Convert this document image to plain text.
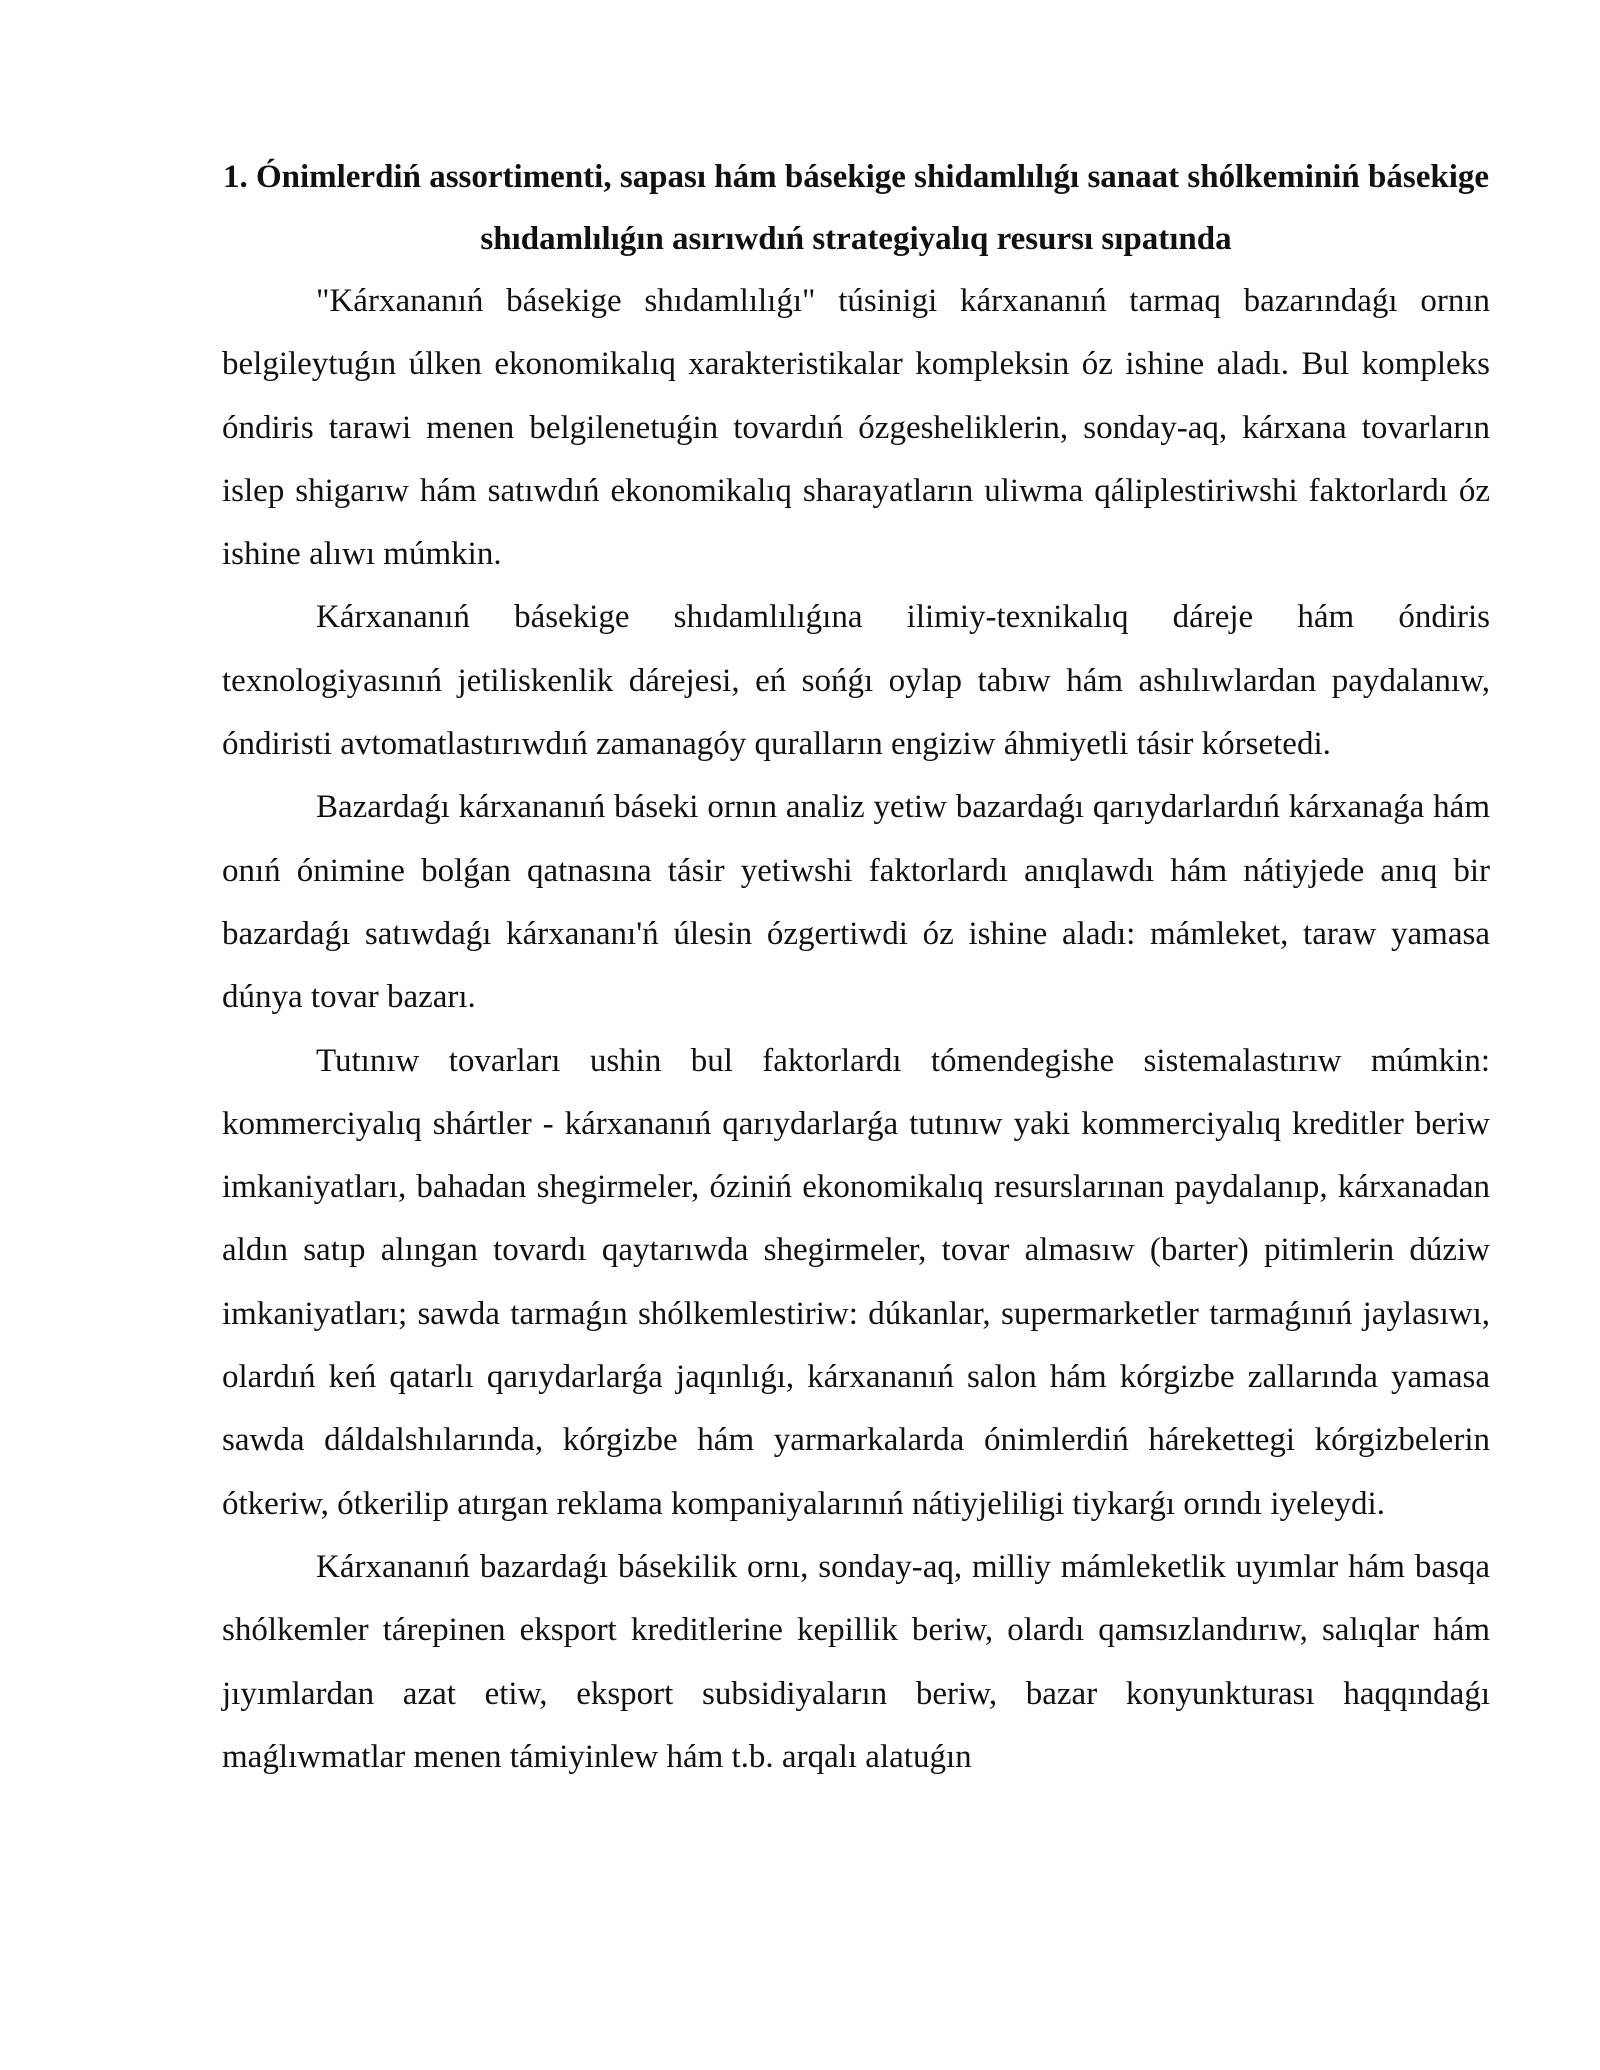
1. Ónimlerdiń assortimenti, sapası hám básekige shidamlılıǵı sanaat shólkeminiń básekige shıdamlılıǵın asırıwdıń strategiyalıq resursı sıpatında

"Kárxananıń básekige shıdamlılıǵı" túsinigi kárxananıń tarmaq bazarındaǵı ornın belgileytuǵın úlken ekonomikalıq xarakteristikalar kompleksin óz ishine aladı. Bul kompleks óndiris tarawi menen belgilenetuǵin tovardıń ózgesheliklerin, sonday-aq, kárxana tovarların islep shigarıw hám satıwdıń ekonomikalıq sharayatların uliwma qáliplestiriwshi faktorlardı óz ishine alıwı múmkin.

Kárxananıń básekige shıdamlılıǵına ilimiy-texnikalıq dáreje hám óndiris texnologiyasınıń jetiliskenlik dárejesi, eń sońǵı oylap tabıw hám ashılıwlardan paydalanıw, óndiristi avtomatlastırıwdıń zamanagóy quralların engiziw áhmiyetli tásir kórsetedi.

Bazardaǵı kárxananıń báseki ornın analiz yetiw bazardaǵı qarıydarlardıń kárxanaǵa hám onıń ónimine bolǵan qatnasına tásir yetiwshi faktorlardı anıqlawdı hám nátiyjede anıq bir bazardaǵı satıwdaǵı kárxananı'ń úlesin ózgertiwdi óz ishine aladı: mámleket, taraw yamasa dúnya tovar bazarı.

Tutınıw tovarları ushin bul faktorlardı tómendegishe sistemalastırıw múmkin: kommerciyalıq shártler - kárxananıń qarıydarlarǵa tutınıw yaki kommerciyalıq kreditler beriw imkaniyatları, bahadan shegirmeler, óziniń ekonomikalıq resurslarınan paydalanıp, kárxanadan aldın satıp alıngan tovardı qaytarıwda shegirmeler, tovar almasıw (barter) pitimlerin dúziw imkaniyatları; sawda tarmaǵın shólkemlestiriw: dúkanlar, supermarketler tarmaǵınıń jaylasıwı, olardıń keń qatarlı qarıydarlarǵa jaqınlıǵı, kárxananıń salon hám kórgizbe zallarında yamasa sawda dáldalshılarında, kórgizbe hám yarmarkalarda ónimlerdiń hárekettegi kórgizbelerin ótkeriw, ótkerilip atırgan reklama kompaniyalarınıń nátiyjeliligi tiykarǵı orındı iyeleydi.

Kárxananıń bazardaǵı básekilik ornı, sonday-aq, milliy mámleketlik uyımlar hám basqa shólkemler tárepinen eksport kreditlerine kepillik beriw, olardı qamsızlandırıw, salıqlar hám jıyımlardan azat etiw, eksport subsidiyaların beriw, bazar konyunkturası haqqındaǵı maǵlıwmatlar menen támiyinlew hám t.b. arqalı alatuǵın
